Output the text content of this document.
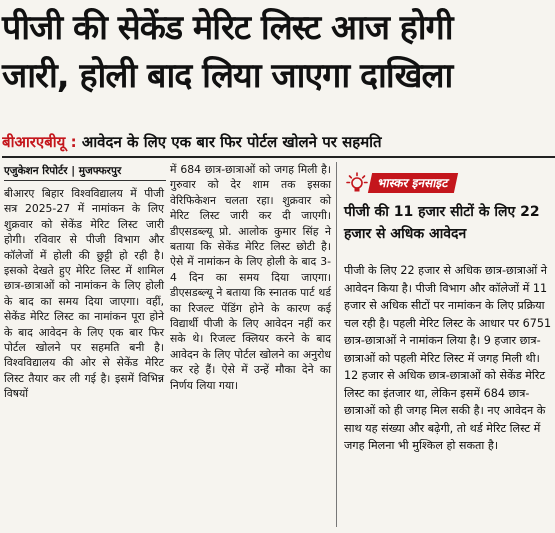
पीजी की सेकेंड मेरिट लिस्ट आज होगी
जारी, होली बाद लिया जाएगा दाखिला
बीआरएबीयू : आवेदन के लिए एक बार फिर पोर्टल खोलने पर सहमति
एजुकेशन रिपोर्टर | मुजफ्फरपुर
बीआरए बिहार विश्वविद्यालय में पीजी सत्र 2025-27 में नामांकन के लिए शुक्रवार को सेकेंड मेरिट लिस्ट जारी होगी। रविवार से पीजी विभाग और कॉलेजों में होली की छुट्टी हो रही है। इसको देखते हुए मेरिट लिस्ट में शामिल छात्र-छात्राओं को नामांकन के लिए होली के बाद का समय दिया जाएगा। वहीं, सेकेंड मेरिट लिस्ट का नामांकन पूरा होने के बाद आवेदन के लिए एक बार फिर पोर्टल खोलने पर सहमति बनी है। विश्वविद्यालय की ओर से सेकेंड मेरिट लिस्ट तैयार कर ली गई है। इसमें विभिन्न विषयों
में 684 छात्र-छात्राओं को जगह मिली है। गुरुवार को देर शाम तक इसका वेरिफिकेशन चलता रहा। शुक्रवार को मेरिट लिस्ट जारी कर दी जाएगी। डीएसडब्ल्यू प्रो. आलोक कुमार सिंह ने बताया कि सेकेंड मेरिट लिस्ट छोटी है। ऐसे में नामांकन के लिए होली के बाद 3-4 दिन का समय दिया जाएगा। डीएसडब्ल्यू ने बताया कि स्नातक पार्ट थर्ड का रिजल्ट पेंडिंग होने के कारण कई विद्यार्थी पीजी के लिए आवेदन नहीं कर सके थे। रिजल्ट क्लियर करने के बाद आवेदन के लिए पोर्टल खोलने का अनुरोध कर रहे हैं। ऐसे में उन्हें मौका देने का निर्णय लिया गया।
भास्कर इनसाइट
पीजी की 11 हजार सीटों के लिए 22 हजार से अधिक आवेदन
पीजी के लिए 22 हजार से अधिक छात्र-छात्राओं ने आवेदन किया है। पीजी विभाग और कॉलेजों में 11 हजार से अधिक सीटों पर नामांकन के लिए प्रक्रिया चल रही है। पहली मेरिट लिस्ट के आधार पर 6751 छात्र-छात्राओं ने नामांकन लिया है। 9 हजार छात्र-छात्राओं को पहली मेरिट लिस्ट में जगह मिली थी। 12 हजार से अधिक छात्र-छात्राओं को सेकेंड मेरिट लिस्ट का इंतजार था, लेकिन इसमें 684 छात्र-छात्राओं को ही जगह मिल सकी है। नए आवेदन के साथ यह संख्या और बढ़ेगी, तो थर्ड मेरिट लिस्ट में जगह मिलना भी मुश्किल हो सकता है।
